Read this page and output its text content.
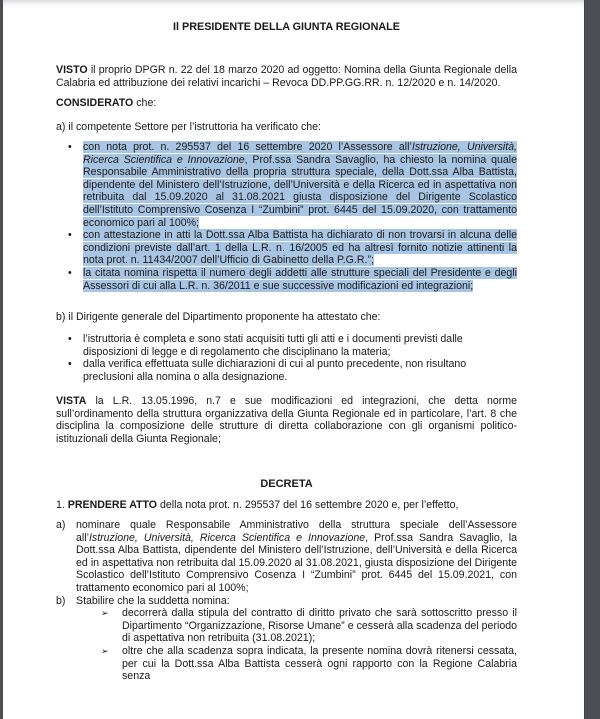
Il PRESIDENTE DELLA GIUNTA REGIONALE
VISTO il proprio DPGR n. 22 del 18 marzo 2020 ad oggetto: Nomina della Giunta Regionale della Calabria ed attribuzione dei relativi incarichi – Revoca DD.PP.GG.RR. n. 12/2020 e n. 14/2020.
CONSIDERATO che:
a) il competente Settore per l’istruttoria ha verificato che:
• con nota prot. n. 295537 del 16 settembre 2020 l’Assessore all’Istruzione, Università, Ricerca Scientifica e Innovazione, Prof.ssa Sandra Savaglio, ha chiesto la nomina quale Responsabile Amministrativo della propria struttura speciale, della Dott.ssa Alba Battista, dipendente del Ministero dell’Istruzione, dell’Università e della Ricerca ed in aspettativa non retribuita dal 15.09.2020 al 31.08.2021 giusta disposizione del Dirigente Scolastico dell’Istituto Comprensivo Cosenza I “Zumbini” prot. 6445 del 15.09.2020, con trattamento economico pari al 100%;
• con attestazione in atti la Dott.ssa Alba Battista ha dichiarato di non trovarsi in alcuna delle condizioni previste dall’art. 1 della L.R. n. 16/2005 ed ha altresì fornito notizie attinenti la nota prot. n. 11434/2007 dell’Ufficio di Gabinetto della P.G.R.”;
• la citata nomina rispetta il numero degli addetti alle strutture speciali del Presidente e degli Assessori di cui alla L.R. n. 36/2011 e sue successive modificazioni ed integrazioni;
b) il Dirigente generale del Dipartimento proponente ha attestato che:
• l’istruttoria è completa e sono stati acquisiti tutti gli atti e i documenti previsti dalle disposizioni di legge e di regolamento che disciplinano la materia;
• dalla verifica effettuata sulle dichiarazioni di cui al punto precedente, non risultano preclusioni alla nomina o alla designazione.
VISTA la L.R. 13.05.1996, n.7 e sue modificazioni ed integrazioni, che detta norme sull’ordinamento della struttura organizzativa della Giunta Regionale ed in particolare, l’art. 8 che disciplina la composizione delle strutture di diretta collaborazione con gli organismi politico-istituzionali della Giunta Regionale;
DECRETA
1. PRENDERE ATTO della nota prot. n. 295537 del 16 settembre 2020 e, per l’effetto,
a) nominare quale Responsabile Amministrativo della struttura speciale dell’Assessore all’Istruzione, Università, Ricerca Scientifica e Innovazione, Prof.ssa Sandra Savaglio, la Dott.ssa Alba Battista, dipendente del Ministero dell’Istruzione, dell’Università e della Ricerca ed in aspettativa non retribuita dal 15.09.2020 al 31.08.2021, giusta disposizione del Dirigente Scolastico dell’Istituto Comprensivo Cosenza I “Zumbini” prot. 6445 del 15.09.2021, con trattamento economico pari al 100%;
b) Stabilire che la suddetta nomina:
➢ decorrerà dalla stipula del contratto di diritto privato che sarà sottoscritto presso il Dipartimento “Organizzazione, Risorse Umane” e cesserà alla scadenza del periodo di aspettativa non retribuita (31.08.2021);
➢ oltre che alla scadenza sopra indicata, la presente nomina dovrà ritenersi cessata, per cui la Dott.ssa Alba Battista cesserà ogni rapporto con la Regione Calabria senza
